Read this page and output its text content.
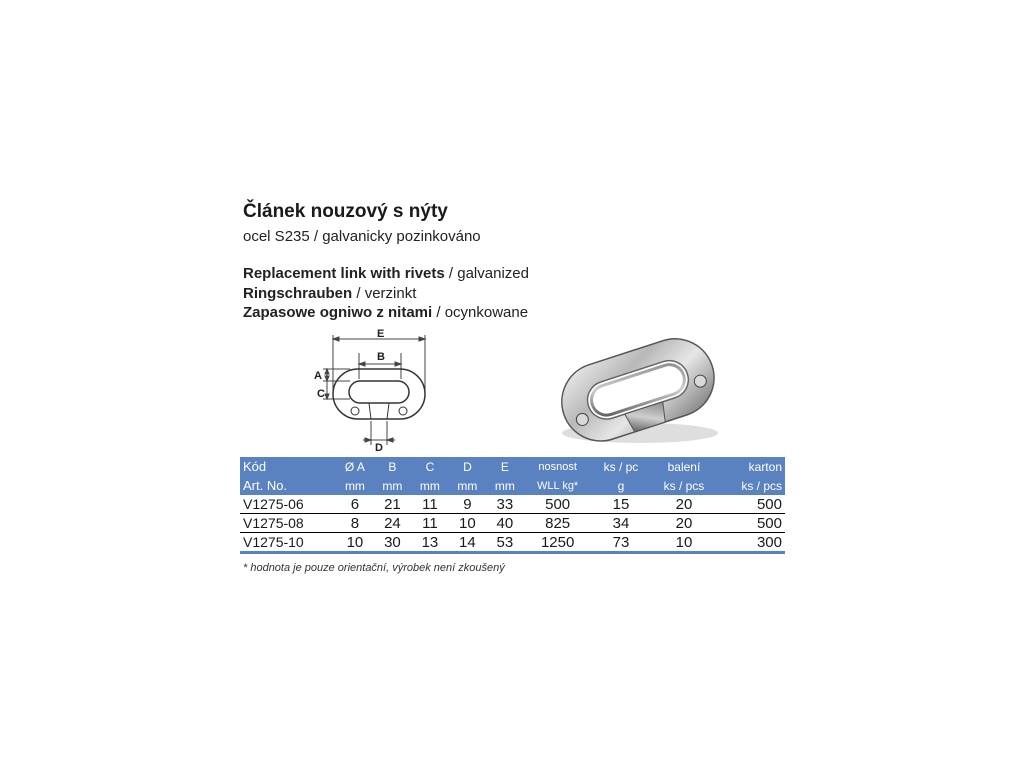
Článek nouzový s nýty
ocel S235 / galvanicky pozinkováno
Replacement link with rivets / galvanized
Ringschrauben / verzinkt
Zapasowe ogniwo z nitami / ocynkowane
E
B
A
C
D
Kód	Ø A	B	C	D	E	nosnost	ks / pc	balení	karton
Art. No.	mm	mm	mm	mm	mm	WLL kg*	g	ks / pcs	ks / pcs
V1275-06	6	21	11	9	33	500	15	20	500
V1275-08	8	24	11	10	40	825	34	20	500
V1275-10	10	30	13	14	53	1250	73	10	300
* hodnota je pouze orientační, výrobek není zkoušený
